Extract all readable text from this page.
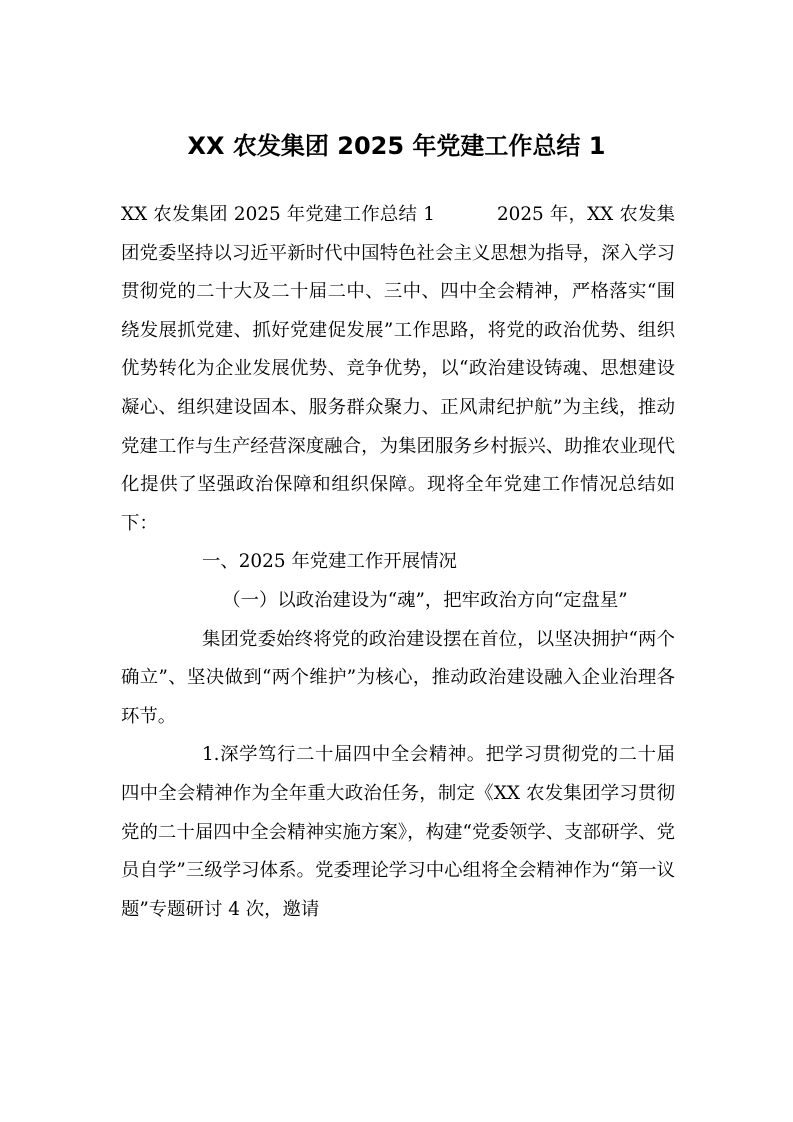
XX 农发集团 2025 年党建工作总结 1

XX 农发集团 2025 年党建工作总结 1	2025 年，XX 农发集团党委坚持以习近平新时代中国特色社会主义思想为指导，深入学习贯彻党的二十大及二十届二中、三中、四中全会精神，严格落实“围绕发展抓党建、抓好党建促发展”工作思路，将党的政治优势、组织优势转化为企业发展优势、竞争优势，以“政治建设铸魂、思想建设凝心、组织建设固本、服务群众聚力、正风肃纪护航”为主线，推动党建工作与生产经营深度融合，为集团服务乡村振兴、助推农业现代化提供了坚强政治保障和组织保障。现将全年党建工作情况总结如下：

一、2025 年党建工作开展情况

（一）以政治建设为“魂”，把牢政治方向“定盘星”

集团党委始终将党的政治建设摆在首位，以坚决拥护“两个确立”、坚决做到“两个维护”为核心，推动政治建设融入企业治理各环节。

1.深学笃行二十届四中全会精神。把学习贯彻党的二十届四中全会精神作为全年重大政治任务，制定《XX 农发集团学习贯彻党的二十届四中全会精神实施方案》，构建“党委领学、支部研学、党员自学”三级学习体系。党委理论学习中心组将全会精神作为“第一议题”专题研讨 4 次，邀请
